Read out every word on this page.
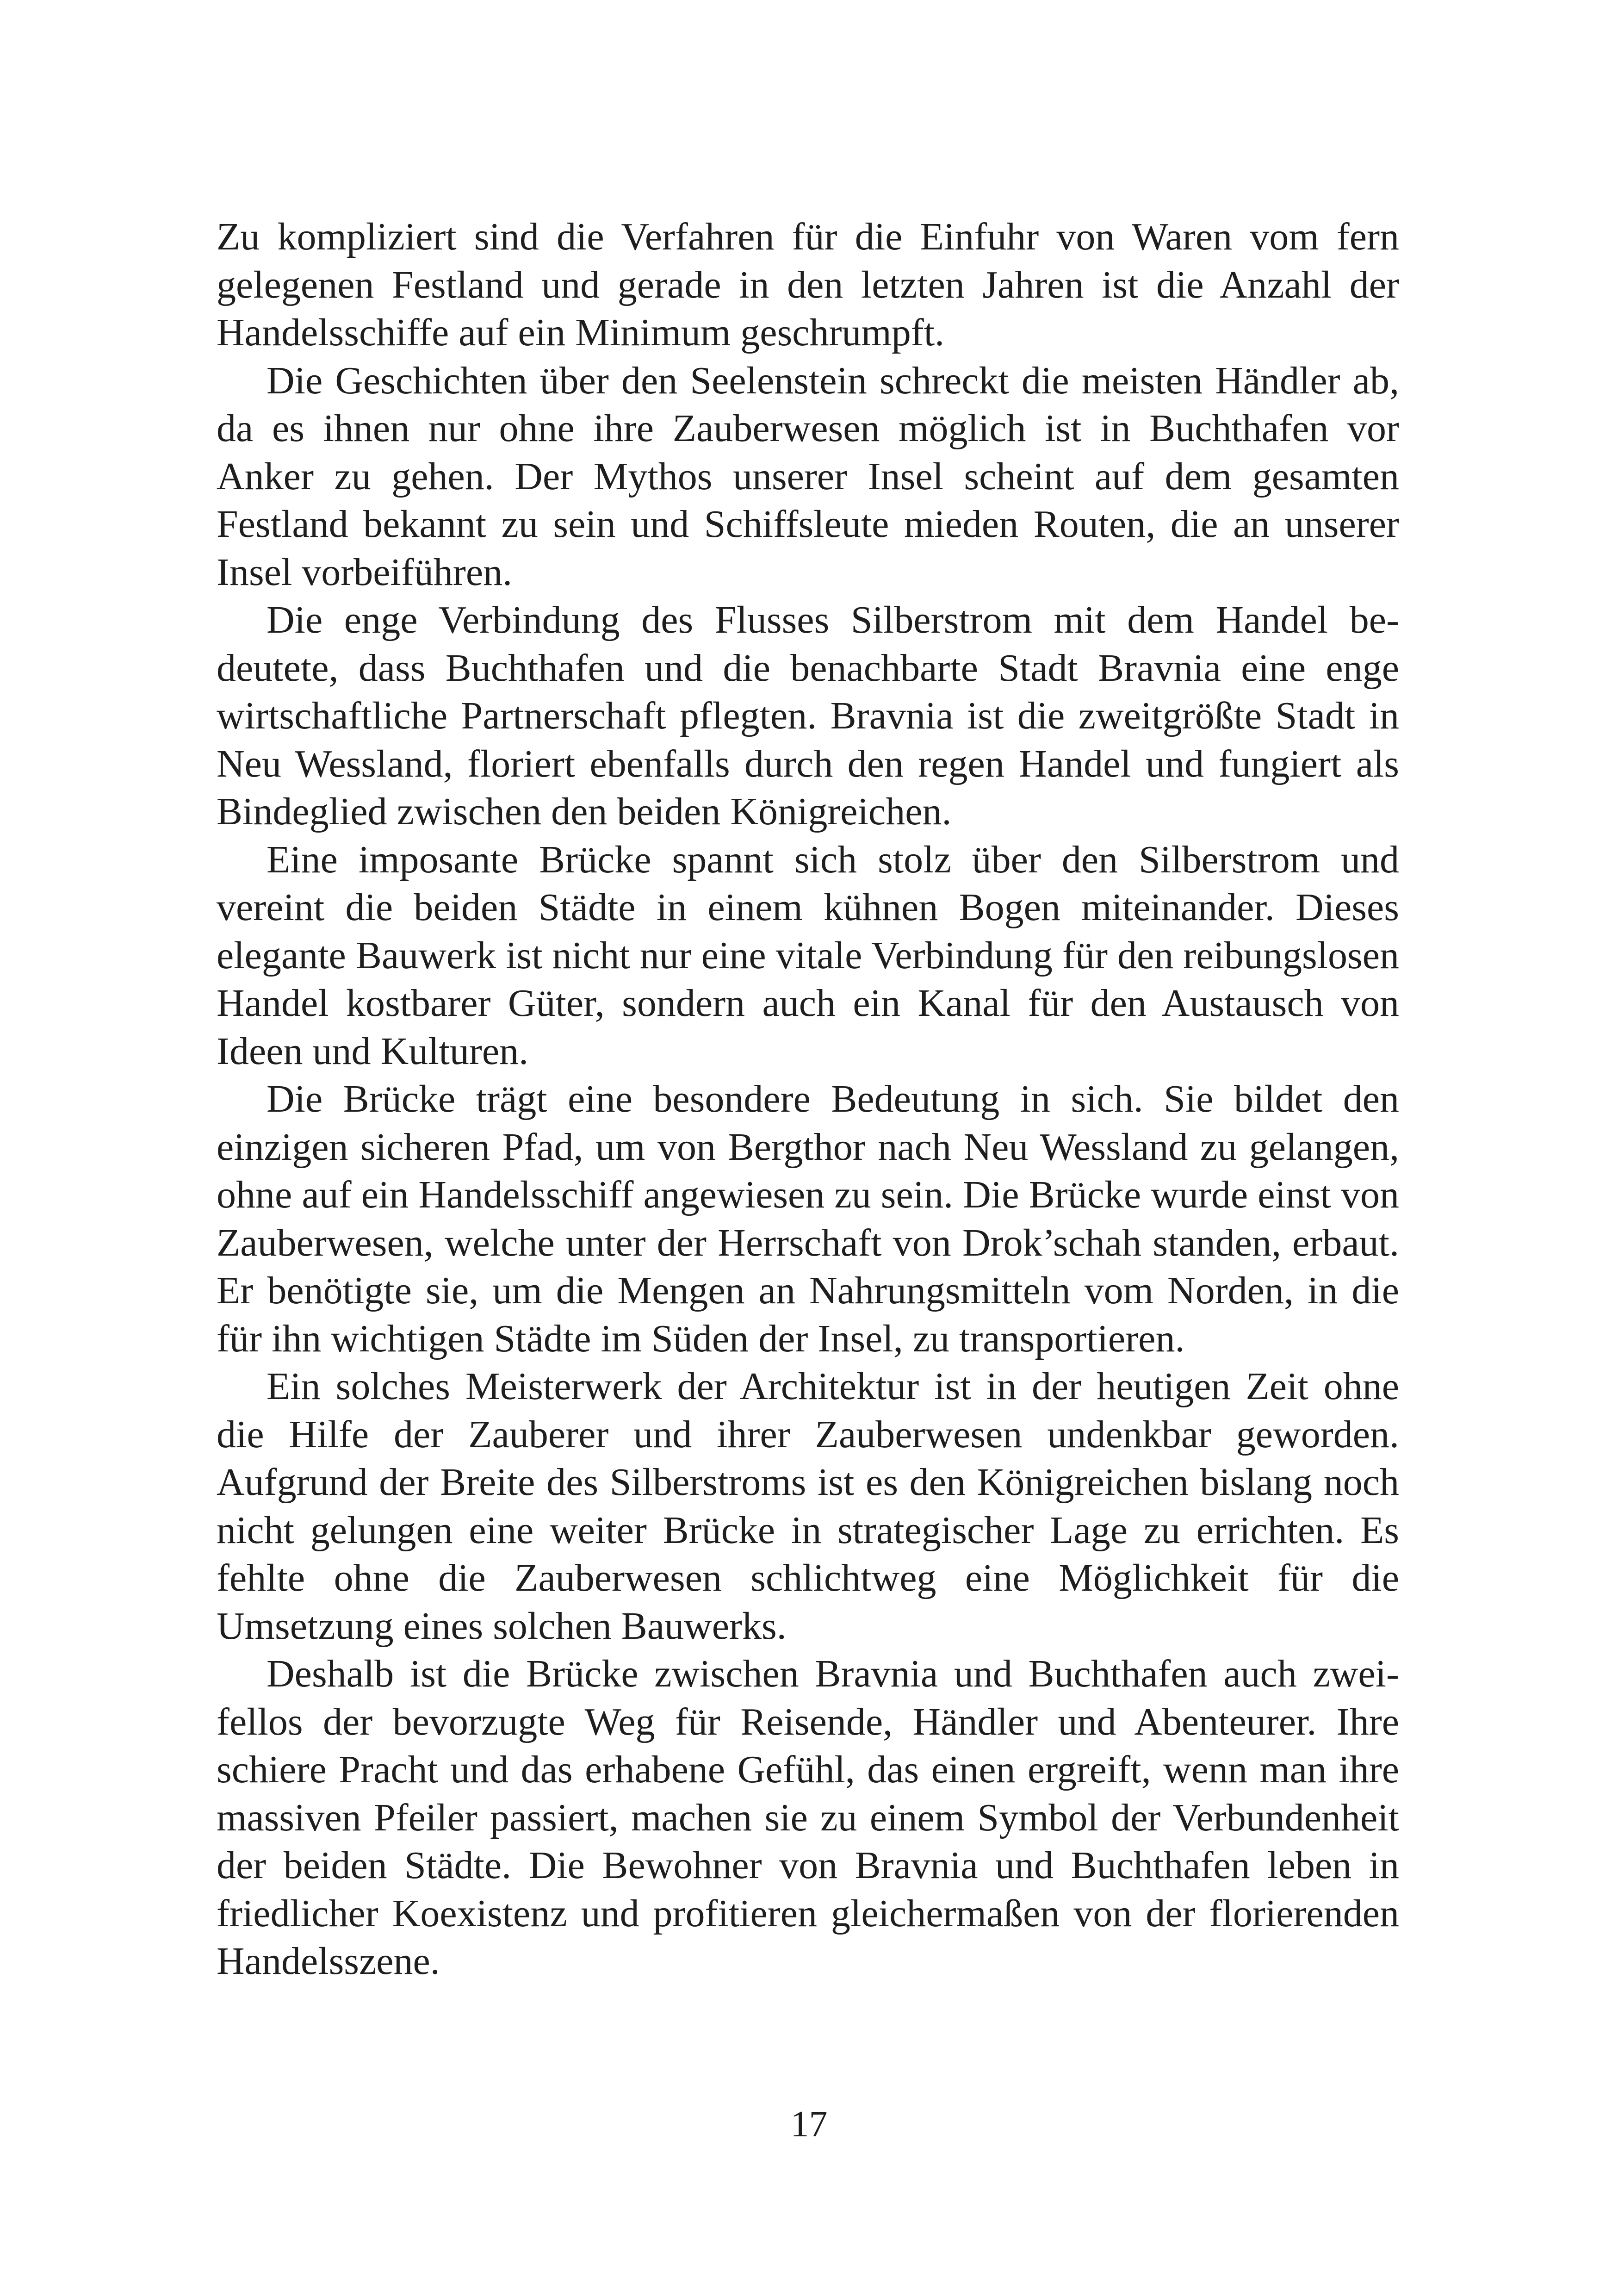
Zu kompliziert sind die Verfahren für die Einfuhr von Waren vom fern gelegenen Festland und gerade in den letzten Jahren ist die Anzahl der Handelsschiffe auf ein Minimum geschrumpft.

Die Geschichten über den Seelenstein schreckt die meisten Händler ab, da es ihnen nur ohne ihre Zauberwesen möglich ist in Buchthafen vor Anker zu gehen. Der Mythos unserer Insel scheint auf dem gesamten Festland bekannt zu sein und Schiffsleute mieden Routen, die an unserer Insel vorbeiführen.

Die enge Verbindung des Flusses Silberstrom mit dem Handel bedeutete, dass Buchthafen und die benachbarte Stadt Bravnia eine enge wirtschaftliche Partnerschaft pflegten. Bravnia ist die zweitgrößte Stadt in Neu Wessland, floriert ebenfalls durch den regen Handel und fungiert als Bindeglied zwischen den beiden Königreichen.

Eine imposante Brücke spannt sich stolz über den Silberstrom und vereint die beiden Städte in einem kühnen Bogen miteinander. Dieses elegante Bauwerk ist nicht nur eine vitale Verbindung für den reibungslosen Handel kostbarer Güter, sondern auch ein Kanal für den Austausch von Ideen und Kulturen.

Die Brücke trägt eine besondere Bedeutung in sich. Sie bildet den einzigen sicheren Pfad, um von Bergthor nach Neu Wessland zu gelangen, ohne auf ein Handelsschiff angewiesen zu sein. Die Brücke wurde einst von Zauberwesen, welche unter der Herrschaft von Drok’schah standen, erbaut. Er benötigte sie, um die Mengen an Nahrungsmitteln vom Norden, in die für ihn wichtigen Städte im Süden der Insel, zu transportieren.

Ein solches Meisterwerk der Architektur ist in der heutigen Zeit ohne die Hilfe der Zauberer und ihrer Zauberwesen undenkbar geworden. Aufgrund der Breite des Silberstroms ist es den Königreichen bislang noch nicht gelungen eine weiter Brücke in strategischer Lage zu errichten. Es fehlte ohne die Zauberwesen schlichtweg eine Möglichkeit für die Umsetzung eines solchen Bauwerks.

Deshalb ist die Brücke zwischen Bravnia und Buchthafen auch zweifellos der bevorzugte Weg für Reisende, Händler und Abenteurer. Ihre schiere Pracht und das erhabene Gefühl, das einen ergreift, wenn man ihre massiven Pfeiler passiert, machen sie zu einem Symbol der Verbundenheit der beiden Städte. Die Bewohner von Bravnia und Buchthafen leben in friedlicher Koexistenz und profitieren gleichermaßen von der florierenden Handelsszene.

17
